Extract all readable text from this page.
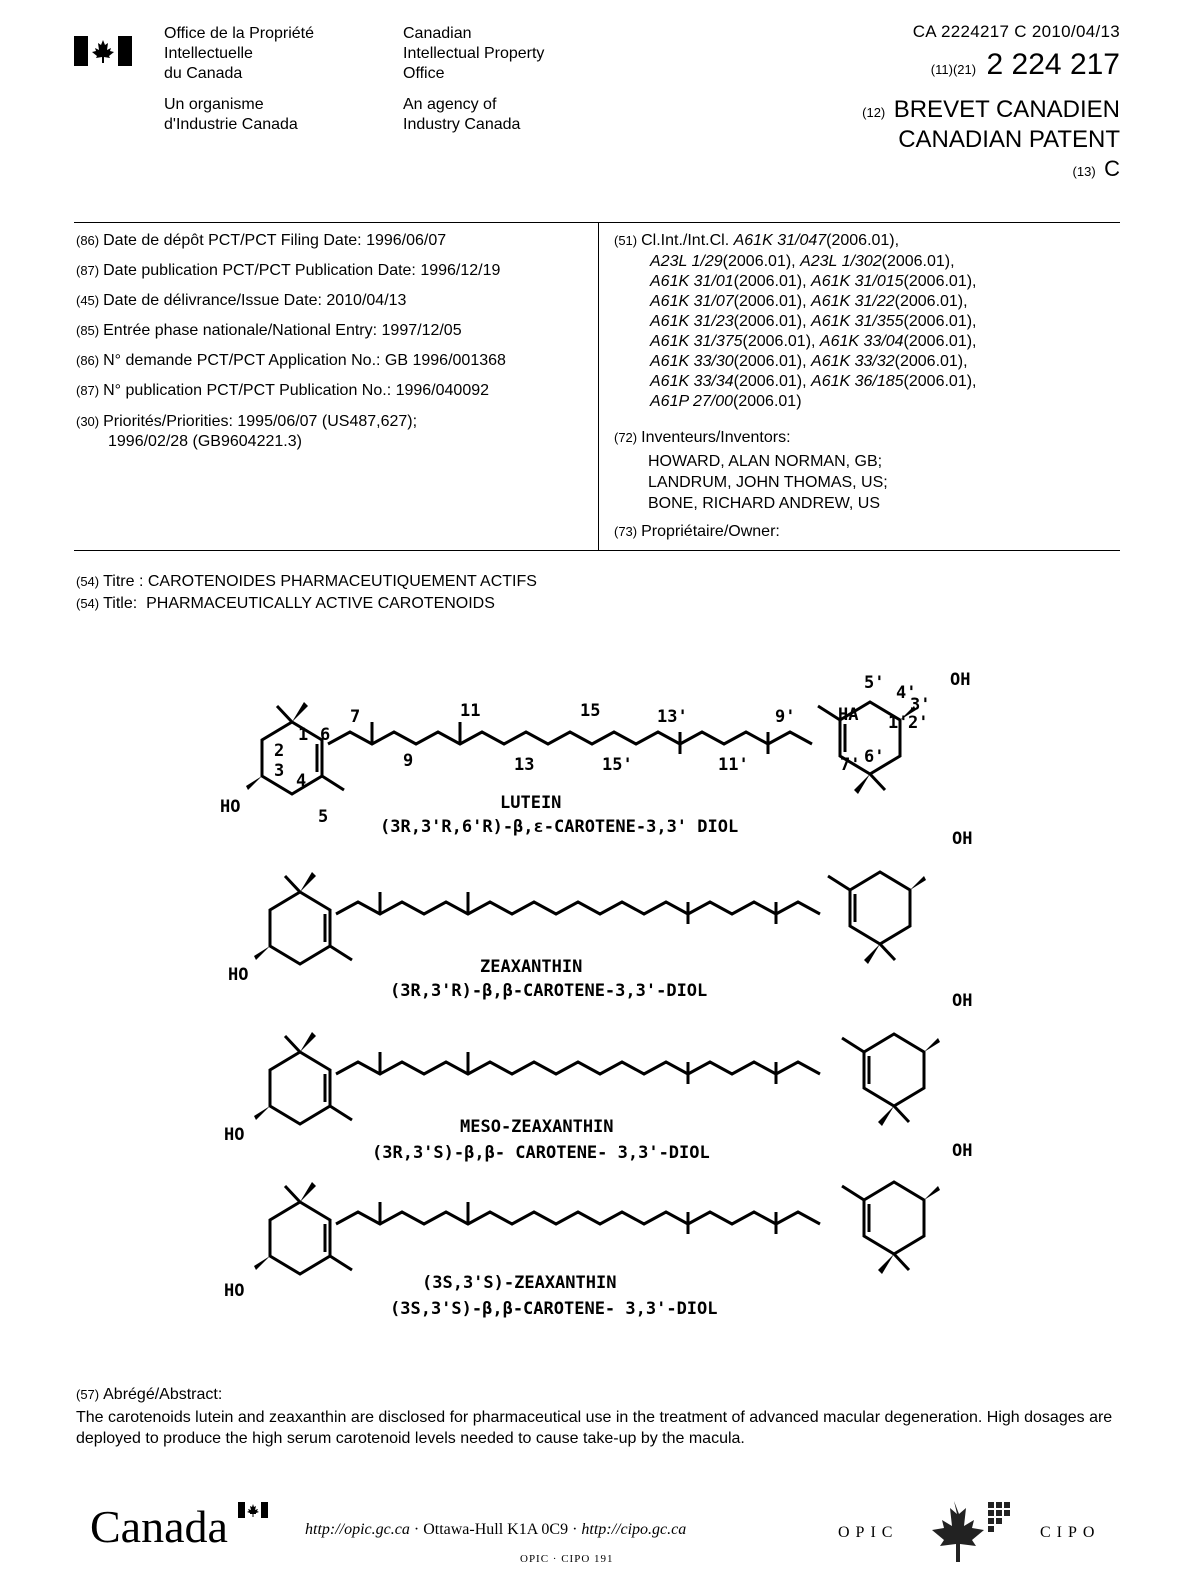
Office de la Propriété
Intellectuelle
du Canada
Un organisme
d'Industrie Canada
Canadian
Intellectual Property
Office
An agency of
Industry Canada
CA 2224217 C 2010/04/13
(11)(21) 2 224 217
(12) BREVET CANADIEN
CANADIAN PATENT
(13) C
(86) Date de dépôt PCT/PCT Filing Date: 1996/06/07
(87) Date publication PCT/PCT Publication Date: 1996/12/19
(45) Date de délivrance/Issue Date: 2010/04/13
(85) Entrée phase nationale/National Entry: 1997/12/05
(86) N° demande PCT/PCT Application No.: GB 1996/001368
(87) N° publication PCT/PCT Publication No.: 1996/040092
(30) Priorités/Priorities: 1995/06/07 (US487,627);
1996/02/28 (GB9604221.3)
(51) Cl.Int./Int.Cl. A61K 31/047(2006.01),
A23L 1/29(2006.01), A23L 1/302(2006.01),
A61K 31/01(2006.01), A61K 31/015(2006.01),
A61K 31/07(2006.01), A61K 31/22(2006.01),
A61K 31/23(2006.01), A61K 31/355(2006.01),
A61K 31/375(2006.01), A61K 33/04(2006.01),
A61K 33/30(2006.01), A61K 33/32(2006.01),
A61K 33/34(2006.01), A61K 36/185(2006.01),
A61P 27/00(2006.01)
(72) Inventeurs/Inventors:
HOWARD, ALAN NORMAN, GB;
LANDRUM, JOHN THOMAS, US;
BONE, RICHARD ANDREW, US
(73) Propriétaire/Owner:
(54) Titre : CAROTENOIDES PHARMACEUTIQUEMENT ACTIFS
(54) Title:  PHARMACEUTICALLY ACTIVE CAROTENOIDS
HO
OH
HA
7
1 6
2
3 4
5
9
11
13
15
15'
13'
11'
9'
7' 6'
5' 4'
3'
2'
1'
LUTEIN
(3R,3'R,6'R)-β,ε-CAROTENE-3,3' DIOL
HO
OH
ZEAXANTHIN
(3R,3'R)-β,β-CAROTENE-3,3'-DIOL
HO
OH
MESO-ZEAXANTHIN
(3R,3'S)-β,β- CAROTENE- 3,3'-DIOL
HO
OH
(3S,3'S)-ZEAXANTHIN
(3S,3'S)-β,β-CAROTENE- 3,3'-DIOL
(57) Abrégé/Abstract:
The carotenoids lutein and zeaxanthin are disclosed for pharmaceutical use in the treatment of advanced macular degeneration. High dosages are deployed to produce the high serum carotenoid levels needed to cause take-up by the macula.
Canada	http://opic.gc.ca · Ottawa-Hull K1A 0C9 · http://cipo.gc.ca	OPIC	CIPO
OPIC · CIPO 191
